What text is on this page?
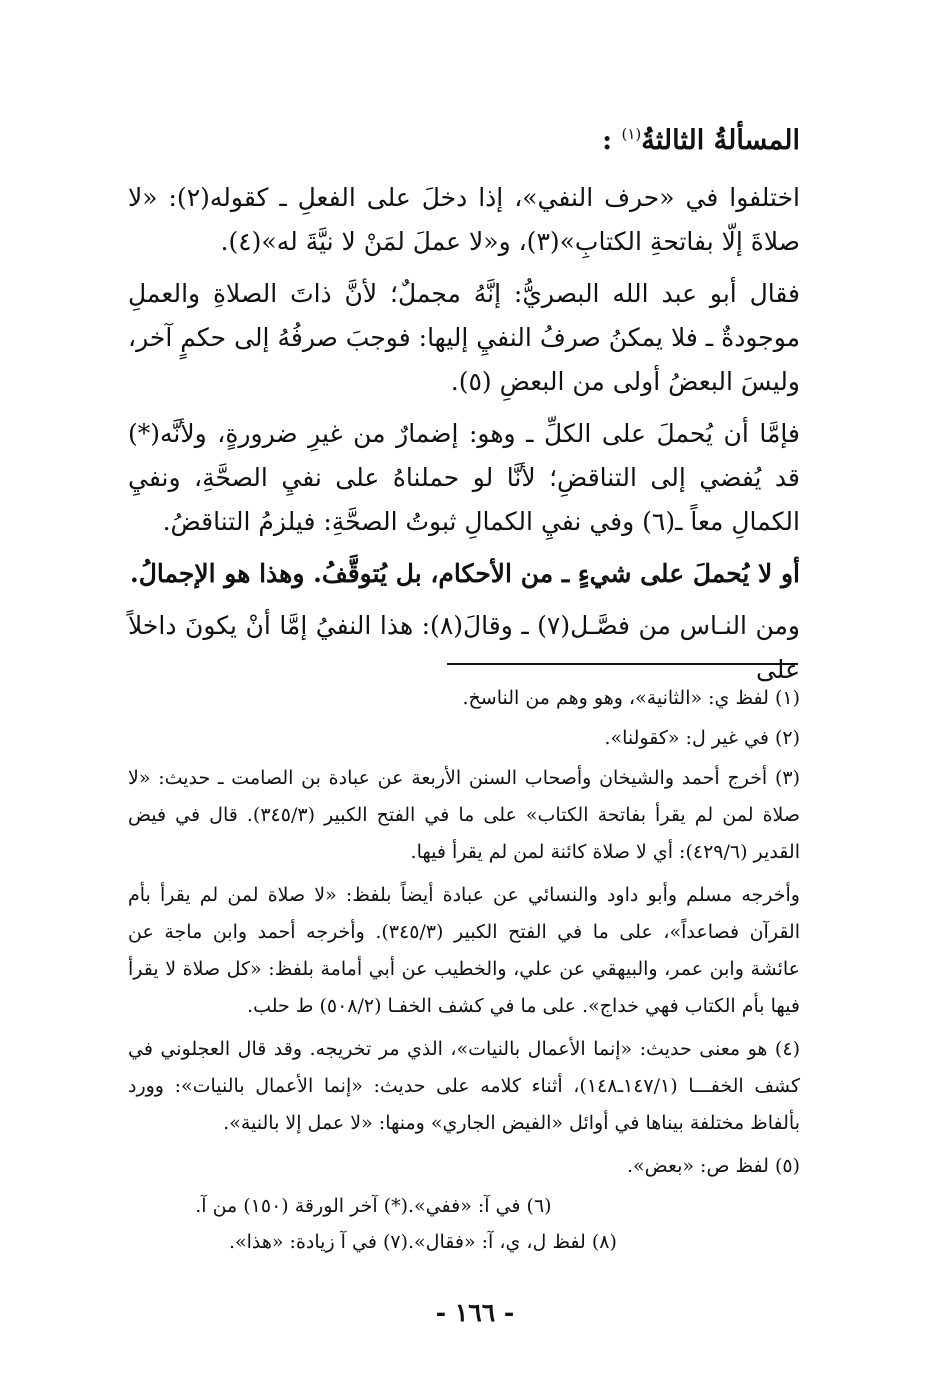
المسألةُ الثالثةُ$^{(١)}$ :

اختلفوا في «حرف النفي»، إذا دخلَ على الفعلِ ـ كقوله(٢): «لا صلاةَ إلّا بفاتحةِ الكتابِ»(٣)، و«لا عملَ لمَنْ لا نيَّةَ له»(٤).

فقال أبو عبد الله البصريُّ: إنَّهُ مجملٌ؛ لأنَّ ذاتَ الصلاةِ والعملِ موجودةٌ ـ فلا يمكنُ صرفُ النفيِ إليها: فوجبَ صرفُهُ إلى حكمٍ آخر، وليسَ البعضُ أولى من البعضِ (٥).

فإمَّا أن يُحملَ على الكلِّ ـ وهو: إضمارٌ من غيرِ ضرورةٍ، ولأنَّه(*) قد يُفضي إلى التناقضِ؛ لأنَّا لو حملناهُ على نفيِ الصحَّةِ، ونفيِ الكمالِ معاً ـ(٦) وفي نفيِ الكمالِ ثبوتُ الصحَّةِ: فيلزمُ التناقضُ.

أو لا يُحملَ على شيءٍ ـ من الأحكام، بل يُتوقَّفُ. وهذا هو الإجمالُ.

ومن النـاس من فصَّـل(٧) ـ وقالَ(٨): هذا النفيُ إمَّا أنْ يكونَ داخلاً على

(١) لفظ ي: «الثانية»، وهو وهم من الناسخ.

(٢) في غير ل: «كقولنا».

(٣) أخرج أحمد والشيخان وأصحاب السنن الأربعة عن عبادة بن الصامت ـ حديث: «لا صلاة لمن لم يقرأ بفاتحة الكتاب» على ما في الفتح الكبير (٣٤٥/٣). قال في فيض القدير (٤٢٩/٦): أي لا صلاة كائنة لمن لم يقرأ فيها.

وأخرجه مسلم وأبو داود والنسائي عن عبادة أيضاً بلفظ: «لا صلاة لمن لم يقرأ بأم القرآن فصاعداً»، على ما في الفتح الكبير (٣٤٥/٣). وأخرجه أحمد وابن ماجة عن عائشة وابن عمر، والبيهقي عن علي، والخطيب عن أبي أمامة بلفظ: «كل صلاة لا يقرأ فيها بأم الكتاب فهي خداج». على ما في كشف الخفـا (٥٠٨/٢) ط حلب.

(٤) هو معنى حديث: «إنما الأعمال بالنيات»، الذي مر تخريجه. وقد قال العجلوني في كشف الخفـــا (١٤٧/١ـ١٤٨)، أثناء كلامه على حديث: «إنما الأعمال بالنيات»: وورد بألفاظ مختلفة بيناها في أوائل «الفيض الجاري» ومنها: «لا عمل إلا بالنية».

(٥) لفظ ص: «بعض».

(*) آخر الورقة (١٥٠) من آ. (٦) في آ: «ففي».
(٧) في آ زيادة: «هذا». (٨) لفظ ل، ي، آ: «فقال».
- ١٦٦ -
